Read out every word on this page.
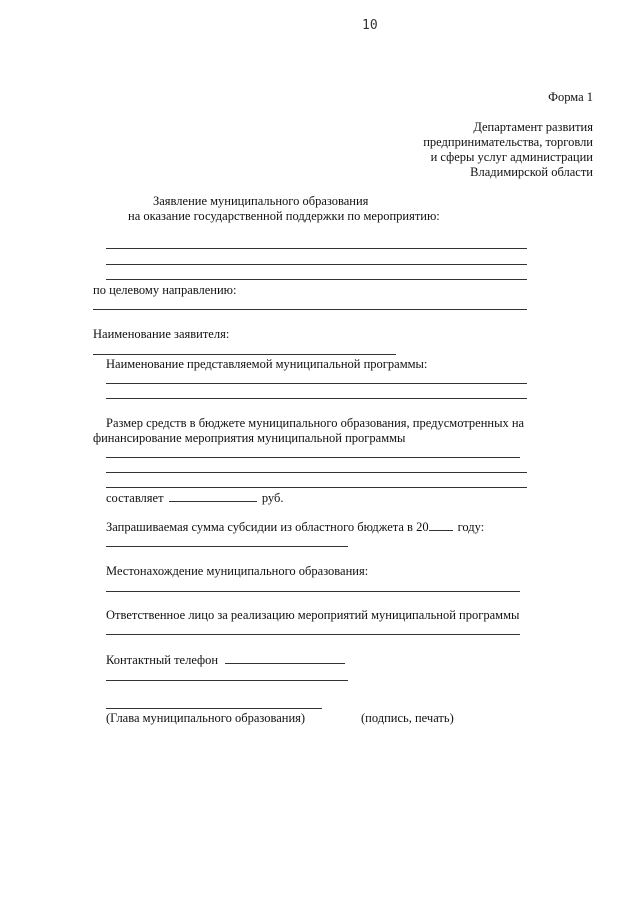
10
Форма 1
Департамент развития
предпринимательства, торговли
и сферы услуг администрации
Владимирской области
Заявление муниципального образования
на оказание государственной поддержки по мероприятию:
по целевому направлению:
Наименование заявителя:
Наименование представляемой муниципальной программы:
Размер средств в бюджете муниципального образования, предусмотренных на
финансирование мероприятия муниципальной программы
составляет	руб.
Запрашиваемая сумма субсидии из областного бюджета в 20 году:
Местонахождение муниципального образования:
Ответственное лицо за реализацию мероприятий муниципальной программы
Контактный телефон
(Глава муниципального образования)	(подпись, печать)
